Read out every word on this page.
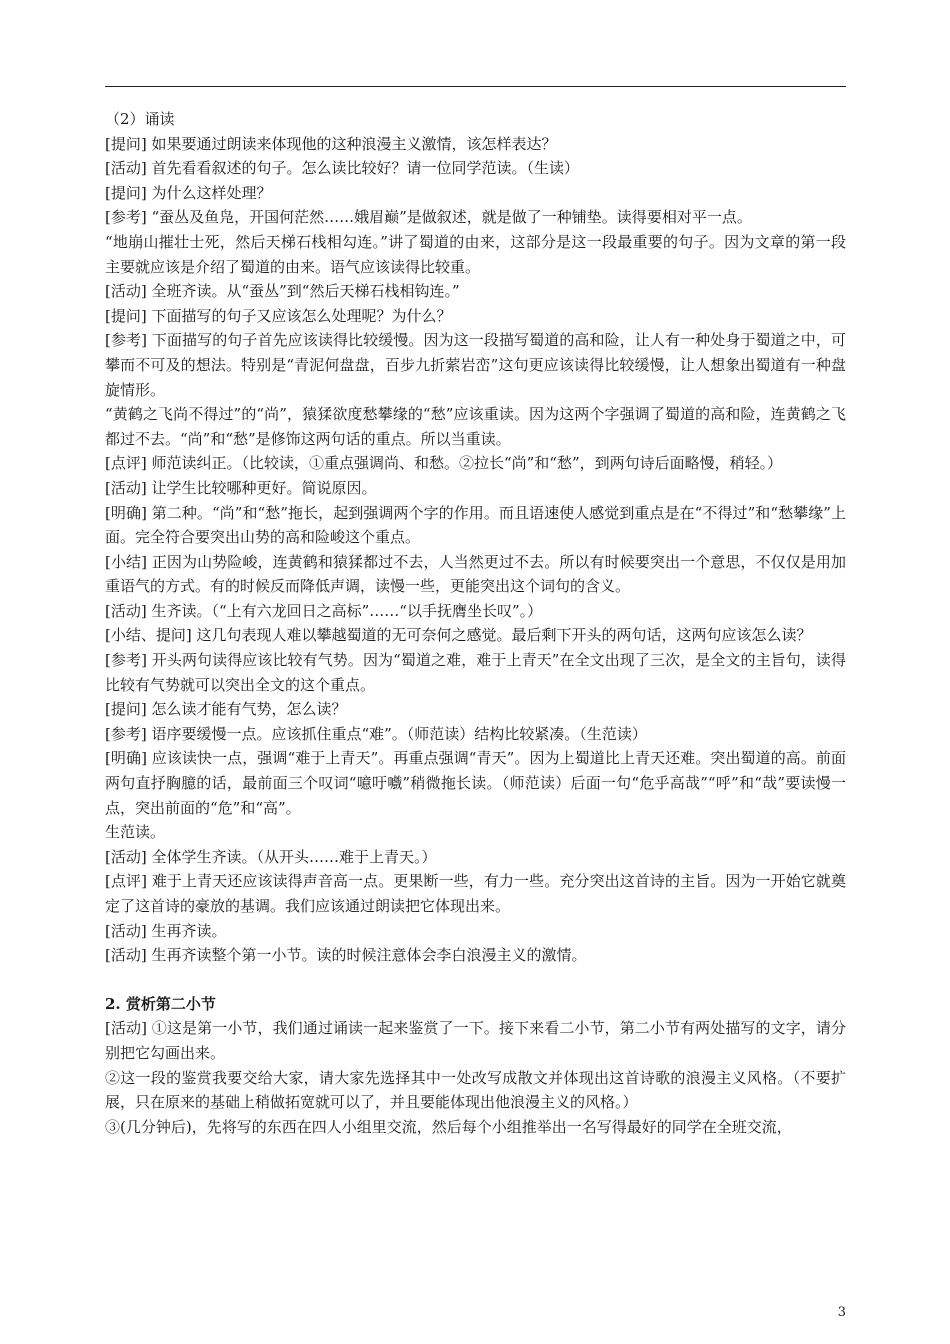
（2）诵读

[提问] 如果要通过朗读来体现他的这种浪漫主义激情，该怎样表达？

[活动] 首先看看叙述的句子。怎么读比较好？请一位同学范读。（生读）

[提问] 为什么这样处理？

[参考] “蚕丛及鱼凫，开国何茫然……娥眉巅”是做叙述，就是做了一种铺垫。读得要相对平一点。

“地崩山摧壮士死，然后天梯石栈相勾连。”讲了蜀道的由来，这部分是这一段最重要的句子。因为文章的第一段主要就应该是介绍了蜀道的由来。语气应该读得比较重。

[活动] 全班齐读。从“蚕丛”到“然后天梯石栈相钩连。”

[提问] 下面描写的句子又应该怎么处理呢？为什么？

[参考] 下面描写的句子首先应该读得比较缓慢。因为这一段描写蜀道的高和险，让人有一种处身于蜀道之中，可攀而不可及的想法。特别是“青泥何盘盘，百步九折萦岩峦”这句更应该读得比较缓慢，让人想象出蜀道有一种盘旋情形。

“黄鹤之飞尚不得过”的“尚”，猿猱欲度愁攀缘的“愁”应该重读。因为这两个字强调了蜀道的高和险，连黄鹤之飞都过不去。“尚”和“愁”是修饰这两句话的重点。所以当重读。

[点评] 师范读纠正。（比较读，①重点强调尚、和愁。②拉长“尚”和“愁”，到两句诗后面略慢，稍轻。）

[活动] 让学生比较哪种更好。简说原因。

[明确] 第二种。“尚”和“愁”拖长，起到强调两个字的作用。而且语速使人感觉到重点是在“不得过”和“愁攀缘”上面。完全符合要突出山势的高和险峻这个重点。

[小结] 正因为山势险峻，连黄鹤和猿猱都过不去，人当然更过不去。所以有时候要突出一个意思，不仅仅是用加重语气的方式。有的时候反而降低声调，读慢一些，更能突出这个词句的含义。

[活动] 生齐读。（“上有六龙回日之高标”……“以手抚膺坐长叹”。）

[小结、提问] 这几句表现人难以攀越蜀道的无可奈何之感觉。最后剩下开头的两句话，这两句应该怎么读？

[参考] 开头两句读得应该比较有气势。因为“蜀道之难，难于上青天”在全文出现了三次，是全文的主旨句，读得比较有气势就可以突出全文的这个重点。

[提问] 怎么读才能有气势，怎么读？

[参考] 语序要缓慢一点。应该抓住重点“难”。（师范读）结构比较紧凑。（生范读）

[明确] 应该读快一点，强调“难于上青天”。再重点强调“青天”。因为上蜀道比上青天还难。突出蜀道的高。前面两句直抒胸臆的话，最前面三个叹词“噫吁嚱”稍微拖长读。（师范读）后面一句“危乎高哉”“呼”和“哉”要读慢一点，突出前面的“危”和“高”。

生范读。

[活动] 全体学生齐读。（从开头……难于上青天。）

[点评] 难于上青天还应该读得声音高一点。更果断一些，有力一些。充分突出这首诗的主旨。因为一开始它就奠定了这首诗的豪放的基调。我们应该通过朗读把它体现出来。

[活动] 生再齐读。

[活动] 生再齐读整个第一小节。读的时候注意体会李白浪漫主义的激情。

2. 赏析第二小节

[活动] ①这是第一小节，我们通过诵读一起来鉴赏了一下。接下来看二小节，第二小节有两处描写的文字，请分别把它勾画出来。

②这一段的鉴赏我要交给大家，请大家先选择其中一处改写成散文并体现出这首诗歌的浪漫主义风格。（不要扩展，只在原来的基础上稍做拓宽就可以了，并且要能体现出他浪漫主义的风格。）

③(几分钟后)，先将写的东西在四人小组里交流，然后每个小组推举出一名写得最好的同学在全班交流，

3
